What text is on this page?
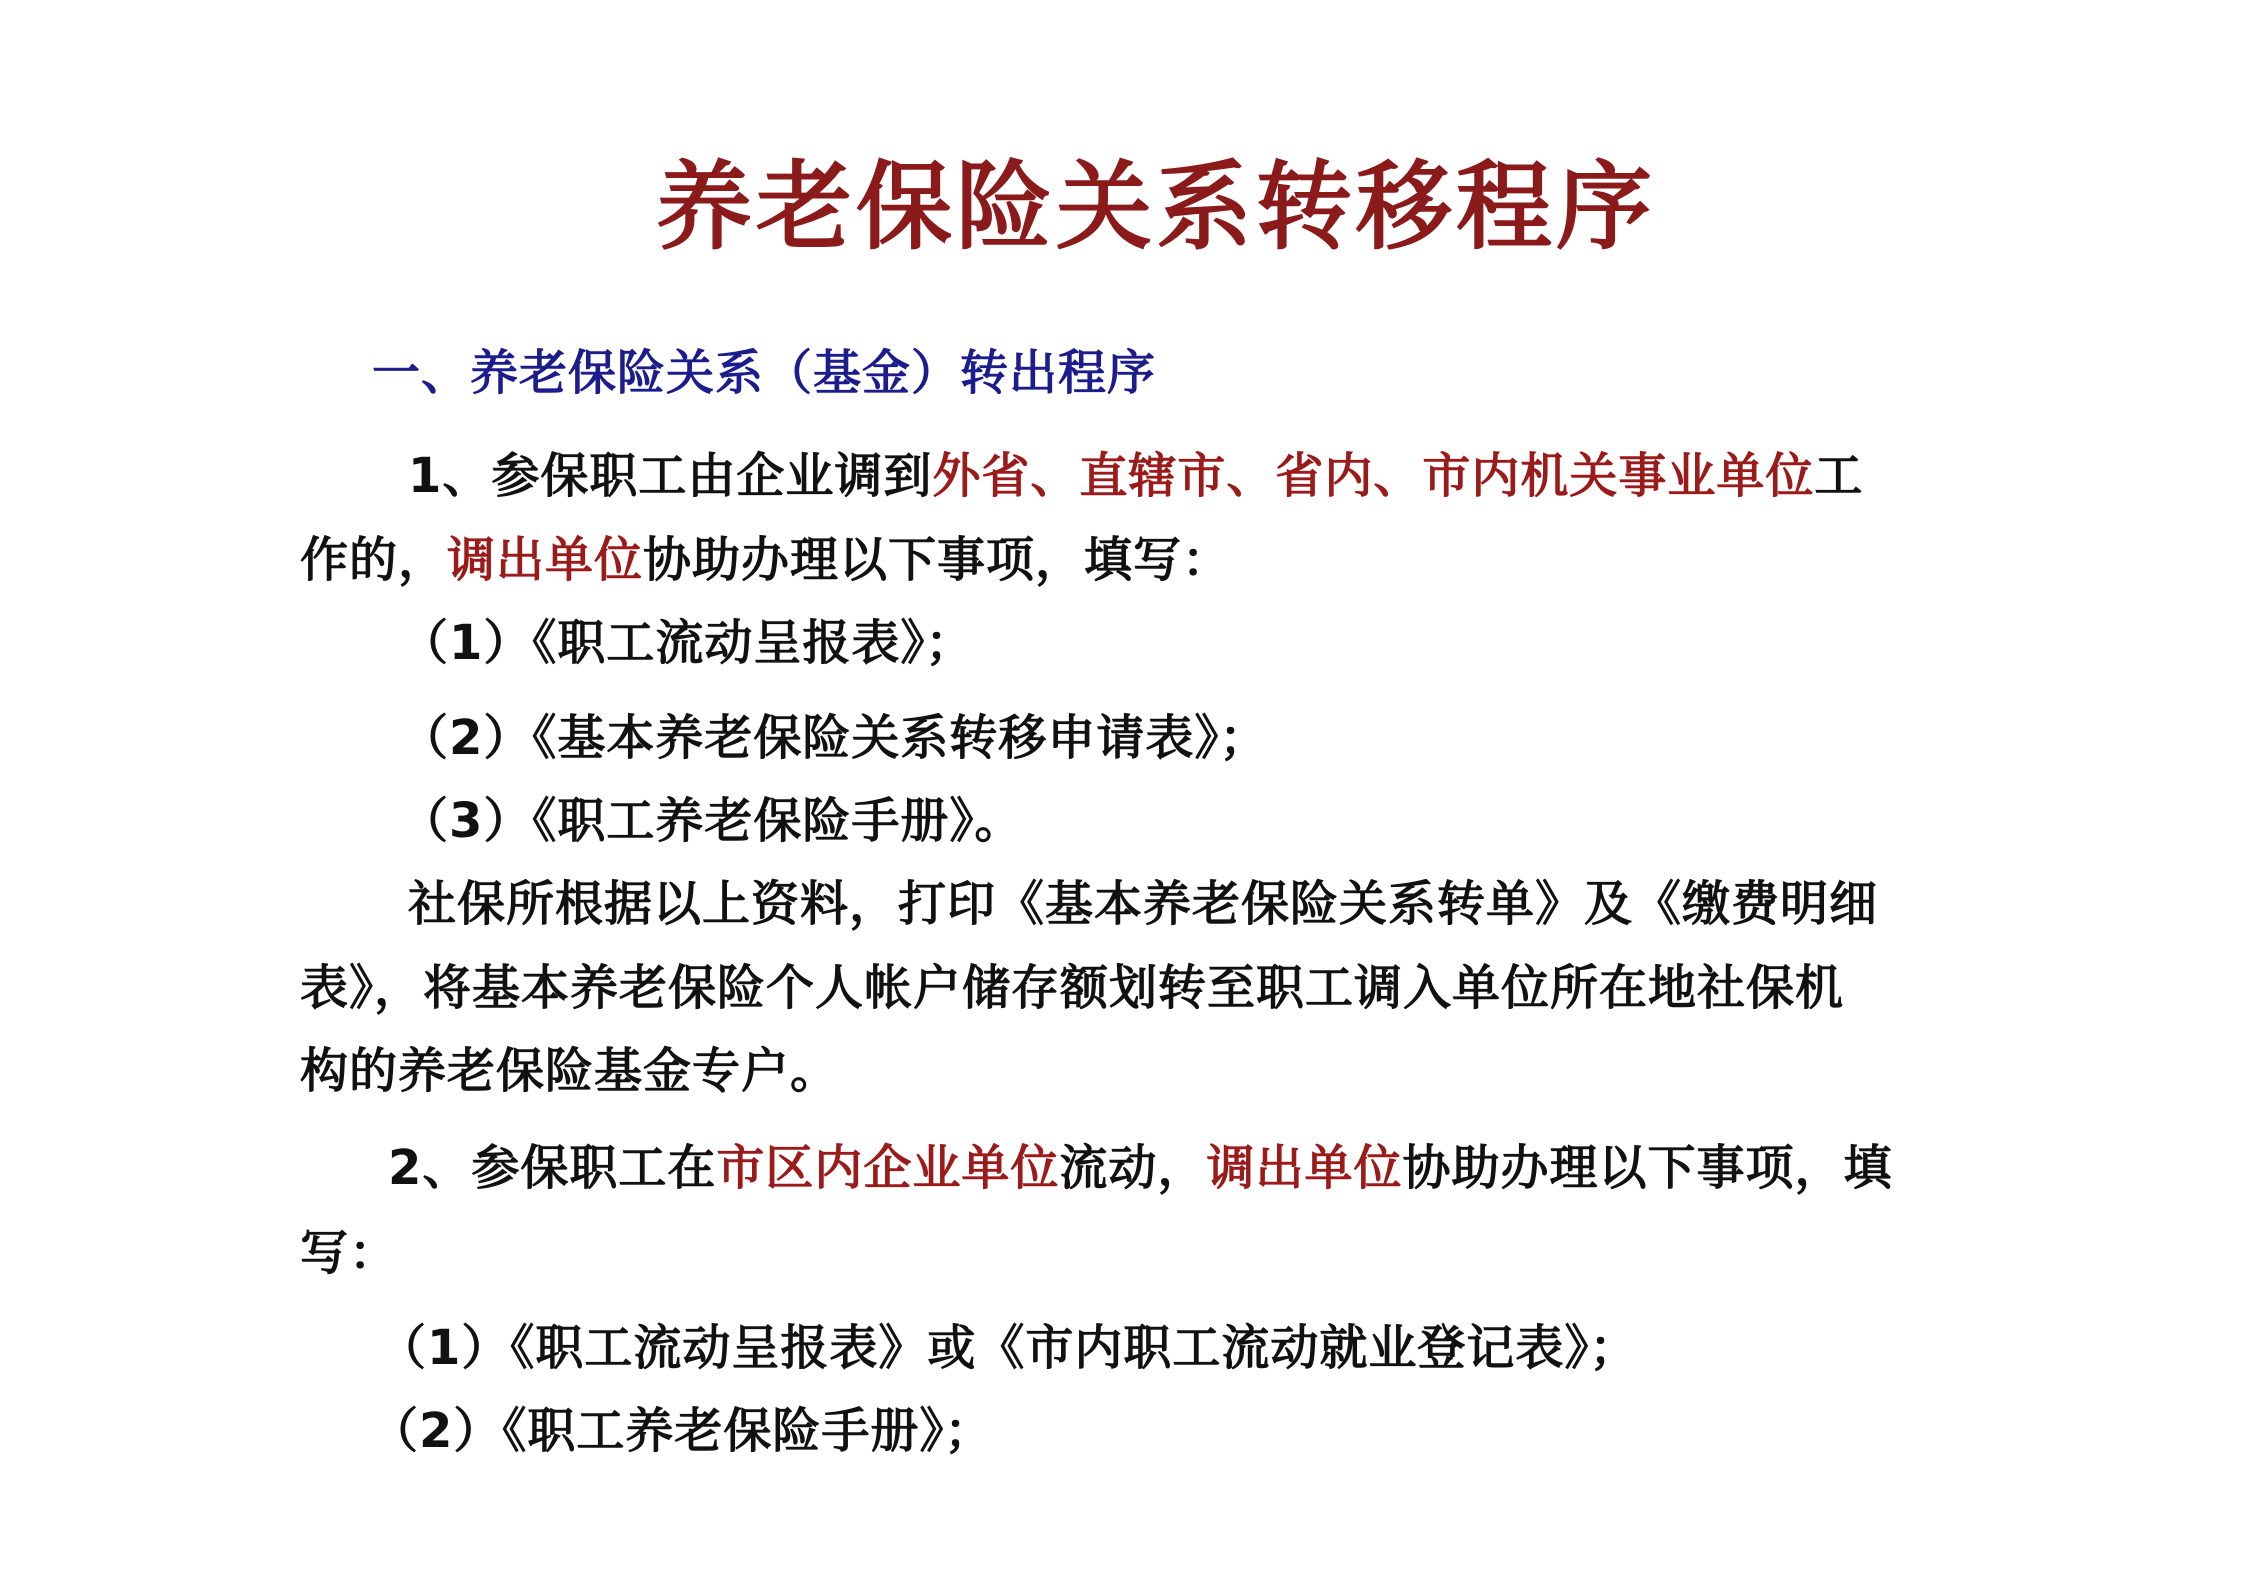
养老保险关系转移程序
一、养老保险关系（基金）转出程序
1、参保职工由企业调到外省、直辖市、省内、市内机关事业单位工
作的，调出单位协助办理以下事项，填写：
（1）《职工流动呈报表》；
（2）《基本养老保险关系转移申请表》；
（3）《职工养老保险手册》。
社保所根据以上资料，打印《基本养老保险关系转单》及《缴费明细
表》，将基本养老保险个人帐户储存额划转至职工调入单位所在地社保机
构的养老保险基金专户。
2、参保职工在市区内企业单位流动，调出单位协助办理以下事项，填
写：
（1）《职工流动呈报表》或《市内职工流动就业登记表》；
（2）《职工养老保险手册》；
